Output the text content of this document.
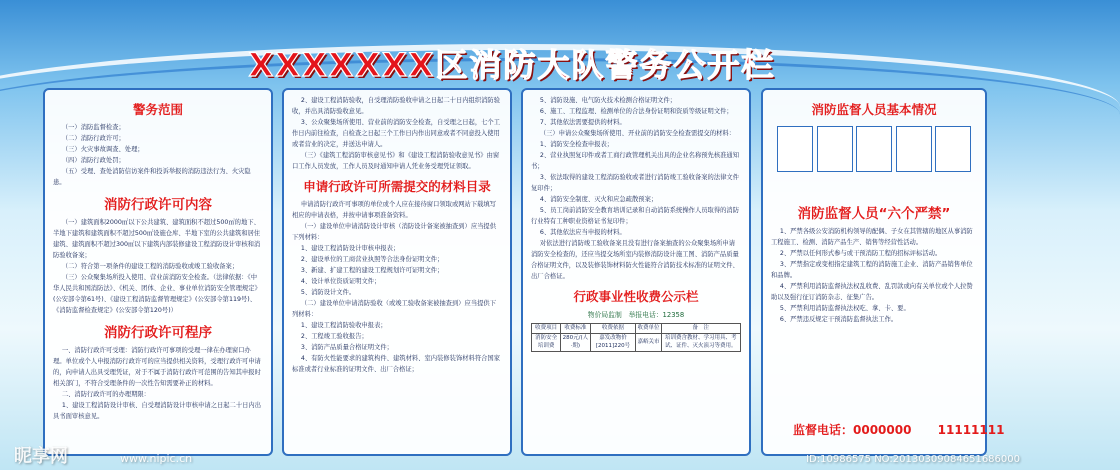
XXXXXXX区消防大队警务公开栏
警务范围

（一）消防监督检查；

（二）消防行政许可；

（三）火灾事故调查、处理；

（四）消防行政处罚；

（五）受理、查处消防信访案件和投诉举报的消防违法行为、火灾隐患。

消防行政许可内容

（一）建筑面积2000㎡以下公共建筑、建筑面积不超过500㎡的地下、半地下建筑和建筑面积不超过500㎡设施仓库、半地下室的公共建筑和居住建筑、建筑面积不超过300㎡以下建筑内部装修建设工程消防设计审核和消防验收备案；

（二）符合第一项条件的建设工程的消防验收或竣工验收备案；

（三）公众聚集场所投入使用、营业前消防安全检查。（法律依据：《中华人民共和国消防法》、《机关、团体、企业、事业单位消防安全管理规定》(公安部令第61号)、《建设工程消防监督管理规定》(公安部令第119号)、《消防监督检查规定》(公安部令第120号)）

消防行政许可程序

一、消防行政许可受理：消防行政许可事项的受理一律在办理窗口办理。单位或个人申报消防行政许可的应当提供相关资料，受理行政许可申请的，向申请人出具受理凭证，对于不属于消防行政许可范围的告知其申报时相关部门，不符合受理条件的一次性告知需要补正的材料。

二、消防行政许可的办理期限：

1、建设工程消防设计审核、自受理消防设计审核申请之日起二十日内出具书面审核意见。

2、建设工程消防验收，自受理消防验收申请之日起二十日内组织消防验收，并出具消防验收意见。

3、公众聚集场所使用、营业前的消防安全检查，自受理之日起，七个工作日内前往检查，自检查之日起三个工作日内作出同意或者不同意投入使用或者营业的决定，并送达申请人。

（三）《建筑工程消防审核意见书》和《建设工程消防验收意见书》由窗口工作人员发放，工作人员及时通知申请人凭业务受理凭证领取。

申请行政许可所需提交的材料目录

申请消防行政许可事项的单位或个人应在接待窗口领取或网站下载填写相应的申请表格，并按申请事项准备资料。

（一）建设单位申请消防设计审核（消防设计备案被抽查到）应当提供下列材料：

1、建设工程消防设计审核申报表；

2、建设单位的工商营业执照等合法身份证明文件；

3、新建、扩建工程的建设工程规划许可证明文件；

4、设计单位资质证明文件；

5、消防设计文件。

（二）建设单位申请消防验收（或竣工验收备案被抽查到）应当提供下列材料：

1、建设工程消防验收申报表；

2、工程竣工验收报告；

3、消防产品质量合格证明文件；

4、有防火性能要求的建筑构件、建筑材料、室内装修装饰材料符合国家标准或者行业标准的证明文件、出厂合格证；

5、消防设施、电气防火技术检测合格证明文件；

6、施工、工程监理、检测单位的合法身份证明和资质等级证明文件；

7、其他依法需要提供的材料。

（三）申请公众聚集场所使用、开业前的消防安全检查需提交的材料：

1、消防安全检查申报表；

2、营业执照复印件或者工商行政管理机关出具的企业名称预先核准通知书；

3、依法取得的建设工程消防验收或者进行消防竣工验收备案的法律文件复印件；

4、消防安全制度、灭火和应急疏散预案；

5、员工岗前消防安全教育培训记录和自动消防系统操作人员取得的消防行业特有工种职业资格证书复印件；

6、其他依法应当申报的材料。

对依法进行消防竣工验收备案且没有进行备案抽查的公众聚集场所申请消防安全检查的，还应当提交场所室内装修消防设计施工图、消防产品质量合格证明文件，以及装修装饰材料防火性能符合消防技术标准的证明文件、出厂合格证。

行政事业性收费公示栏
物价局监制　举报电话：12358
收费项目	收费标准	收费依据	收费单位	备　注
消防安全培训费	280元/(人·期)	嘉发改物价[2011]220号	嘉峪关市	培训费含教材、学习用具、考试、证件、灭火演习等费用。
消防监督人员基本情况
消防监督人员“六个严禁”

1、严禁各级公安消防机构领导的配偶、子女在其管辖的地区从事消防工程施工、检测、消防产品生产、销售等经营性活动。

2、严禁以任何形式参与或干预消防工程的招标评标活动。

3、严禁指定或变相指定建筑工程的消防施工企业、消防产品销售单位和品牌。

4、严禁利用消防监督执法权乱收费、乱罚款或向有关单位或个人拉赞助以及强行征订消防杂志、征集广告。

5、严禁利用消防监督执法权吃、拿、卡、要。

6、严禁违反规定干预消防监督执法工作。

监督电话：0000000 11111111
昵享网	www.nipic.cn	ID:10986575 NO:20130309084651686000
